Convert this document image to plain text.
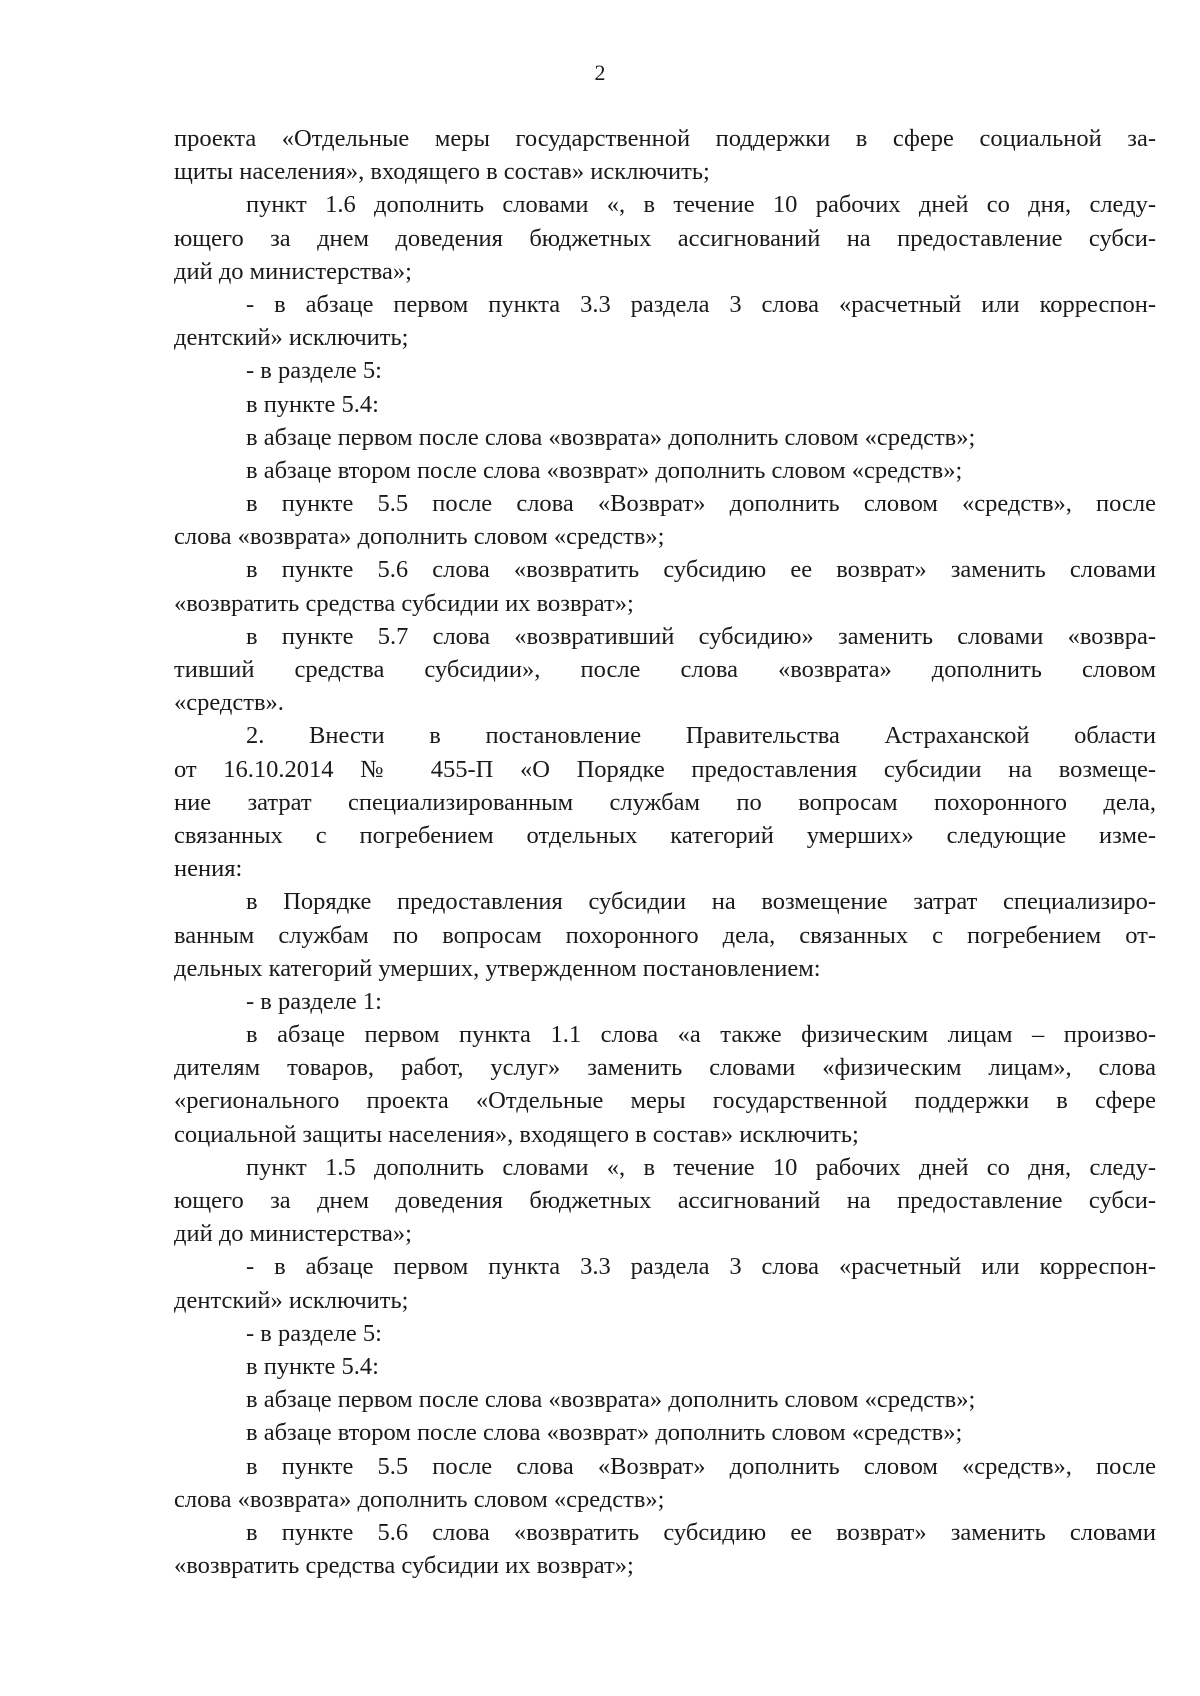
2
проекта «Отдельные меры государственной поддержки в сфере социальной за-
щиты населения», входящего в состав» исключить;
пункт 1.6 дополнить словами «, в течение 10 рабочих дней со дня, следу-
ющего за днем доведения бюджетных ассигнований на предоставление субси-
дий до министерства»;
- в абзаце первом пункта 3.3 раздела 3 слова «расчетный или корреспон-
дентский» исключить;
- в разделе 5:
в пункте 5.4:
в абзаце первом после слова «возврата» дополнить словом «средств»;
в абзаце втором после слова «возврат» дополнить словом «средств»;
в пункте 5.5 после слова «Возврат» дополнить словом «средств», после
слова «возврата» дополнить словом «средств»;
в пункте 5.6 слова «возвратить субсидию ее возврат» заменить словами
«возвратить средства субсидии их возврат»;
в пункте 5.7 слова «возвративший субсидию» заменить словами «возвра-
тивший средства субсидии», после слова «возврата» дополнить словом
«средств».
2. Внести в постановление Правительства Астраханской области
от 16.10.2014 № 455-П «О Порядке предоставления субсидии на возмеще-
ние затрат специализированным службам по вопросам похоронного дела,
связанных с погребением отдельных категорий умерших» следующие изме-
нения:
в Порядке предоставления субсидии на возмещение затрат специализиро-
ванным службам по вопросам похоронного дела, связанных с погребением от-
дельных категорий умерших, утвержденном постановлением:
- в разделе 1:
в абзаце первом пункта 1.1 слова «а также физическим лицам – произво-
дителям товаров, работ, услуг» заменить словами «физическим лицам», слова
«регионального проекта «Отдельные меры государственной поддержки в сфере
социальной защиты населения», входящего в состав» исключить;
пункт 1.5 дополнить словами «, в течение 10 рабочих дней со дня, следу-
ющего за днем доведения бюджетных ассигнований на предоставление субси-
дий до министерства»;
- в абзаце первом пункта 3.3 раздела 3 слова «расчетный или корреспон-
дентский» исключить;
- в разделе 5:
в пункте 5.4:
в абзаце первом после слова «возврата» дополнить словом «средств»;
в абзаце втором после слова «возврат» дополнить словом «средств»;
в пункте 5.5 после слова «Возврат» дополнить словом «средств», после
слова «возврата» дополнить словом «средств»;
в пункте 5.6 слова «возвратить субсидию ее возврат» заменить словами
«возвратить средства субсидии их возврат»;
